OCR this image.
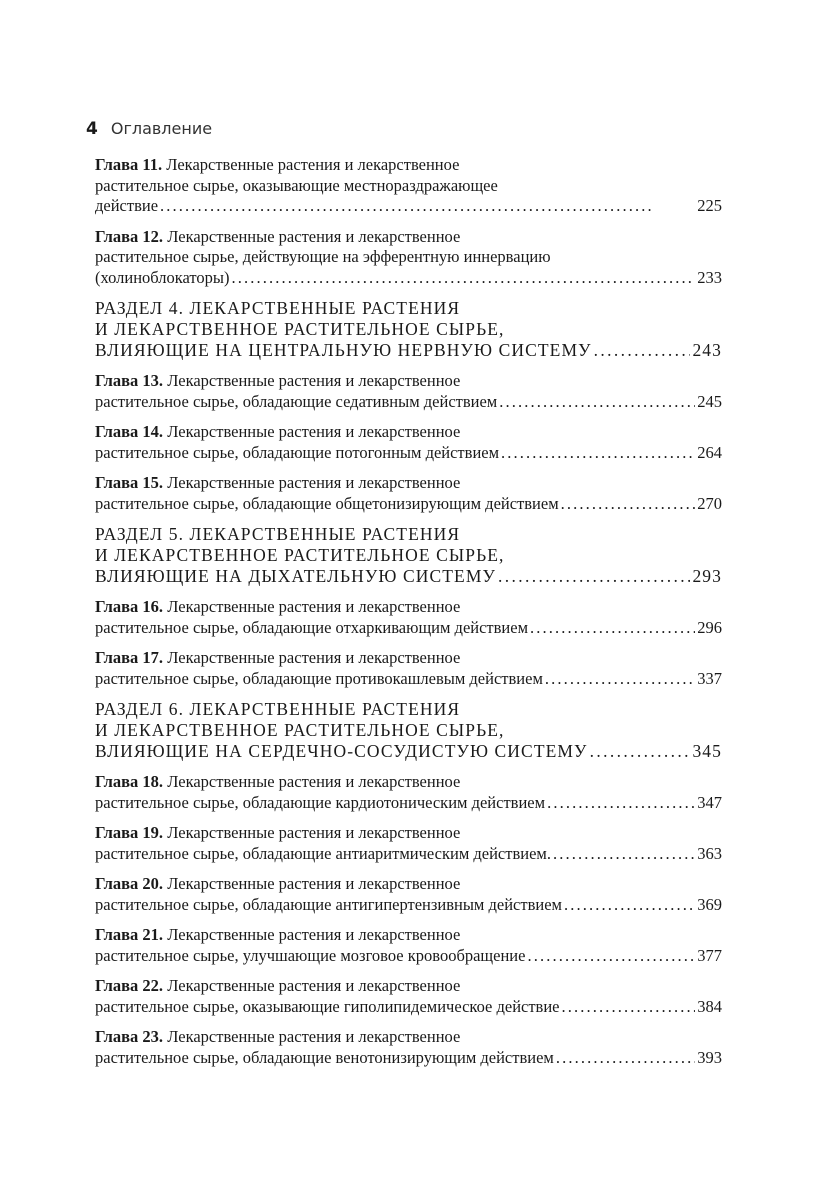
4 Оглавление
Глава 11. Лекарственные растения и лекарственное
растительное сырье, оказывающие местнораздражающее
действие . . .	225
Глава 12. Лекарственные растения и лекарственное
растительное сырье, действующие на эфферентную иннервацию
(холиноблокаторы) . . .	233
РАЗДЕЛ 4. ЛЕКАРСТВЕННЫЕ РАСТЕНИЯ
И ЛЕКАРСТВЕННОЕ РАСТИТЕЛЬНОЕ СЫРЬЕ,
ВЛИЯЮЩИЕ НА ЦЕНТРАЛЬНУЮ НЕРВНУЮ СИСТЕМУ . . .	243
Глава 13. Лекарственные растения и лекарственное
растительное сырье, обладающие седативным действием . . .	245
Глава 14. Лекарственные растения и лекарственное
растительное сырье, обладающие потогонным действием . . .	264
Глава 15. Лекарственные растения и лекарственное
растительное сырье, обладающие общетонизирующим действием . . .	270
РАЗДЕЛ 5. ЛЕКАРСТВЕННЫЕ РАСТЕНИЯ
И ЛЕКАРСТВЕННОЕ РАСТИТЕЛЬНОЕ СЫРЬЕ,
ВЛИЯЮЩИЕ НА ДЫХАТЕЛЬНУЮ СИСТЕМУ . . .	293
Глава 16. Лекарственные растения и лекарственное
растительное сырье, обладающие отхаркивающим действием . . .	296
Глава 17. Лекарственные растения и лекарственное
растительное сырье, обладающие противокашлевым действием . . .	337
РАЗДЕЛ 6. ЛЕКАРСТВЕННЫЕ РАСТЕНИЯ
И ЛЕКАРСТВЕННОЕ РАСТИТЕЛЬНОЕ СЫРЬЕ,
ВЛИЯЮЩИЕ НА СЕРДЕЧНО-СОСУДИСТУЮ СИСТЕМУ . . .	345
Глава 18. Лекарственные растения и лекарственное
растительное сырье, обладающие кардиотоническим действием . . .	347
Глава 19. Лекарственные растения и лекарственное
растительное сырье, обладающие антиаритмическим действием. . . .	363
Глава 20. Лекарственные растения и лекарственное
растительное сырье, обладающие антигипертензивным действием . . .	369
Глава 21. Лекарственные растения и лекарственное
растительное сырье, улучшающие мозговое кровообращение . . .	377
Глава 22. Лекарственные растения и лекарственное
растительное сырье, оказывающие гиполипидемическое действие . . .	384
Глава 23. Лекарственные растения и лекарственное
растительное сырье, обладающие венотонизирующим действием . . .	393
